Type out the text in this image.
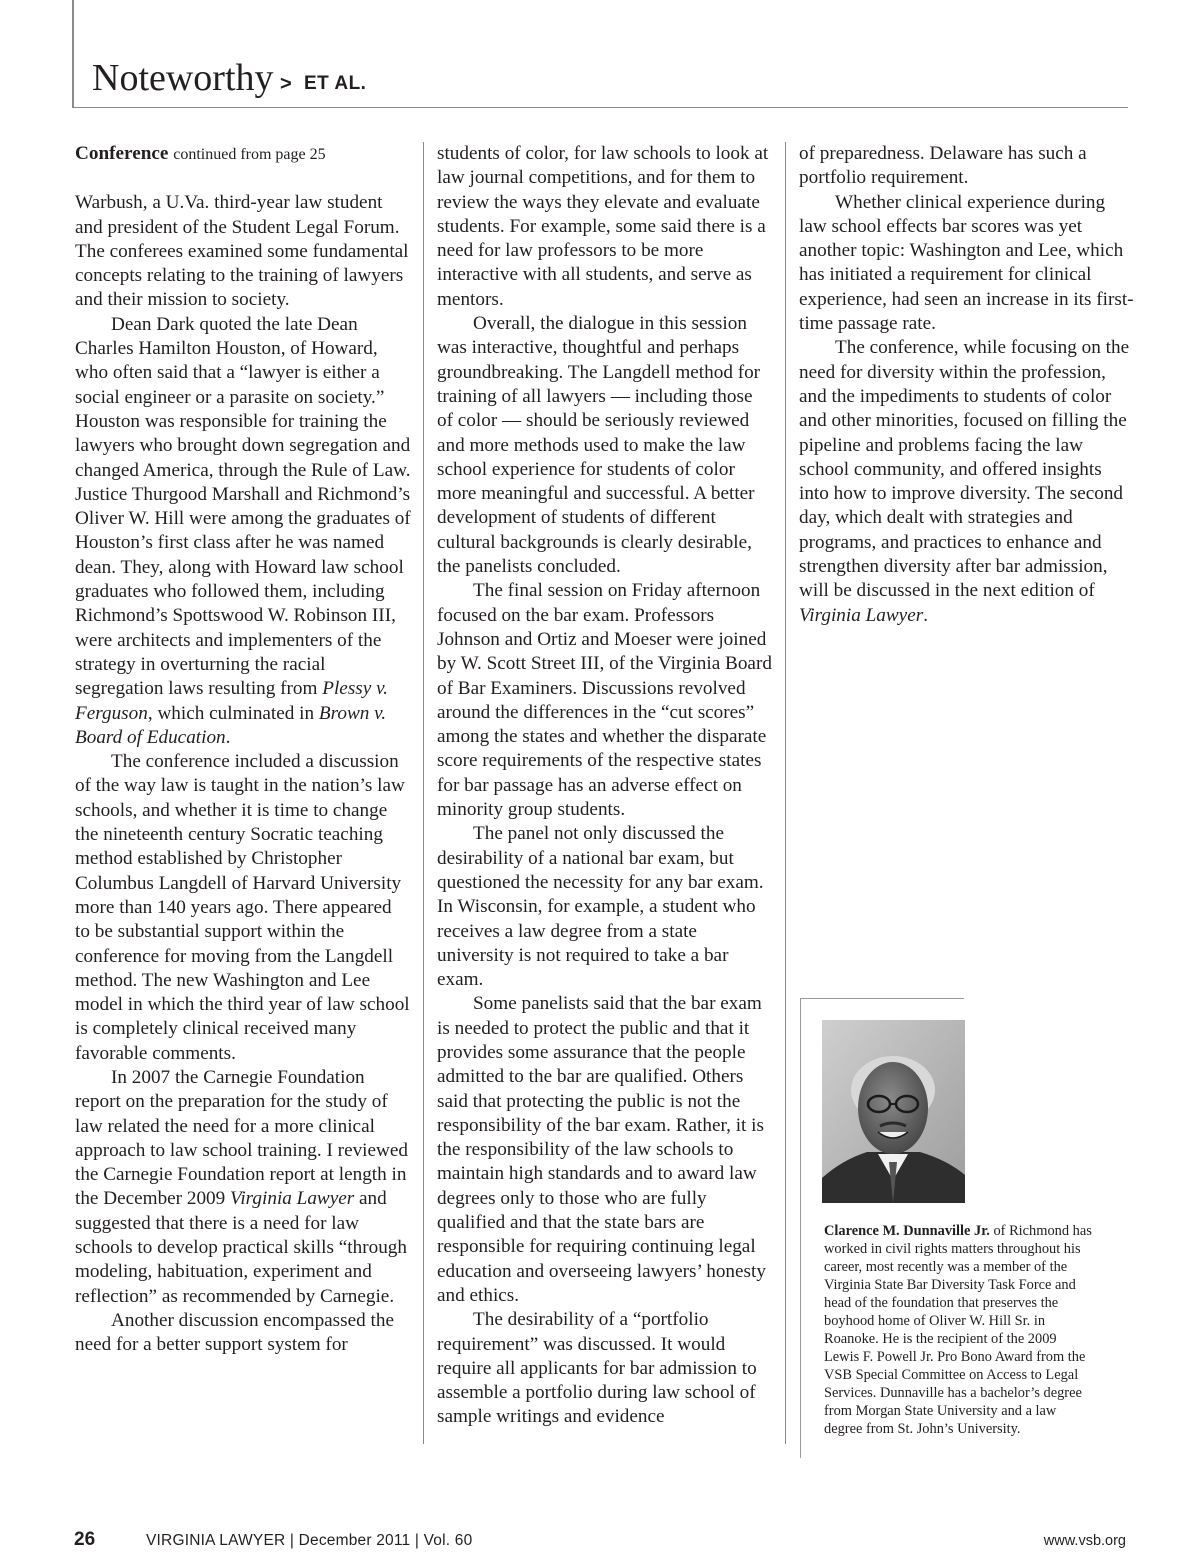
Noteworthy > ET AL.

Conference continued from page 25

Warbush, a U.Va. third-year law student and president of the Student Legal Forum. The conferees examined some fundamental concepts relating to the training of lawyers and their mission to society.

Dean Dark quoted the late Dean Charles Hamilton Houston, of Howard, who often said that a “lawyer is either a social engineer or a parasite on society.” Houston was responsible for training the lawyers who brought down segregation and changed America, through the Rule of Law. Justice Thurgood Marshall and Richmond’s Oliver W. Hill were among the graduates of Houston’s first class after he was named dean. They, along with Howard law school graduates who followed them, including Richmond’s Spottswood W. Robinson III, were architects and implementers of the strategy in overturning the racial segregation laws resulting from Plessy v. Ferguson, which culminated in Brown v. Board of Education.

The conference included a discussion of the way law is taught in the nation’s law schools, and whether it is time to change the nineteenth century Socratic teaching method established by Christopher Columbus Langdell of Harvard University more than 140 years ago. There appeared to be substantial support within the conference for moving from the Langdell method. The new Washington and Lee model in which the third year of law school is completely clinical received many favorable comments.

In 2007 the Carnegie Foundation report on the preparation for the study of law related the need for a more clinical approach to law school training. I reviewed the Carnegie Foundation report at length in the December 2009 Virginia Lawyer and suggested that there is a need for law schools to develop practical skills “through modeling, habituation, experiment and reflection” as recommended by Carnegie.

Another discussion encompassed the need for a better support system for

students of color, for law schools to look at law journal competitions, and for them to review the ways they elevate and evaluate students. For example, some said there is a need for law professors to be more interactive with all students, and serve as mentors.

Overall, the dialogue in this session was interactive, thoughtful and perhaps groundbreaking. The Langdell method for training of all lawyers — including those of color — should be seriously reviewed and more methods used to make the law school experience for students of color more meaningful and successful. A better development of students of different cultural backgrounds is clearly desirable, the panelists concluded.

The final session on Friday afternoon focused on the bar exam. Professors Johnson and Ortiz and Moeser were joined by W. Scott Street III, of the Virginia Board of Bar Examiners. Discussions revolved around the differences in the “cut scores” among the states and whether the disparate score requirements of the respective states for bar passage has an adverse effect on minority group students.

The panel not only discussed the desirability of a national bar exam, but questioned the necessity for any bar exam. In Wisconsin, for example, a student who receives a law degree from a state university is not required to take a bar exam.

Some panelists said that the bar exam is needed to protect the public and that it provides some assurance that the people admitted to the bar are qualified. Others said that protecting the public is not the responsibility of the bar exam. Rather, it is the responsibility of the law schools to maintain high standards and to award law degrees only to those who are fully qualified and that the state bars are responsible for requiring continuing legal education and overseeing lawyers’ honesty and ethics.

The desirability of a “portfolio requirement” was discussed. It would require all applicants for bar admission to assemble a portfolio during law school of sample writings and evidence

of preparedness. Delaware has such a portfolio requirement.

Whether clinical experience during law school effects bar scores was yet another topic: Washington and Lee, which has initiated a requirement for clinical experience, had seen an increase in its first-time passage rate.

The conference, while focusing on the need for diversity within the profession, and the impediments to students of color and other minorities, focused on filling the pipeline and problems facing the law school community, and offered insights into how to improve diversity. The second day, which dealt with strategies and programs, and practices to enhance and strengthen diversity after bar admission, will be discussed in the next edition of Virginia Lawyer.

Clarence M. Dunnaville Jr. of Richmond has worked in civil rights matters throughout his career, most recently was a member of the Virginia State Bar Diversity Task Force and head of the foundation that preserves the boyhood home of Oliver W. Hill Sr. in Roanoke. He is the recipient of the 2009 Lewis F. Powell Jr. Pro Bono Award from the VSB Special Committee on Access to Legal Services. Dunnaville has a bachelor’s degree from Morgan State University and a law degree from St. John’s University.
26	VIRGINIA LAWYER | December 2011 | Vol. 60	www.vsb.org
